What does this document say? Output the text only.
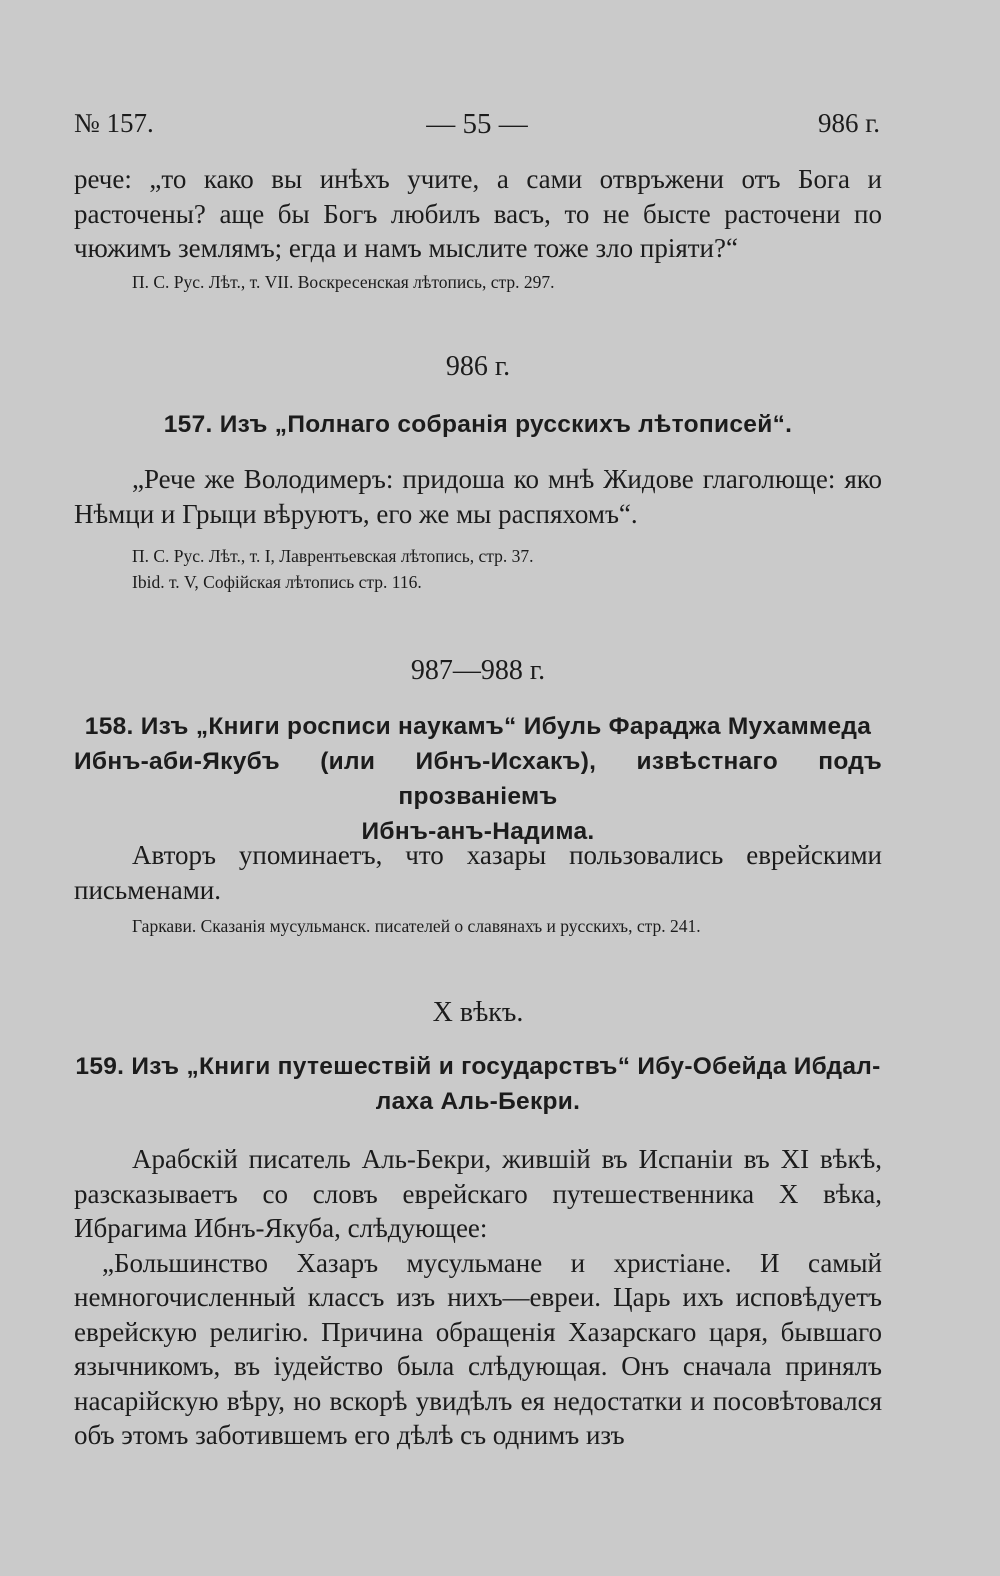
№ 157.	— 55 —	986 г.

рече: „то како вы инѣхъ учите, а сами отвръжени отъ Бога и расточены? аще бы Богъ любилъ васъ, то не бысте расточени по чюжимъ землямъ; егда и намъ мыслите тоже зло пріяти?“

П. С. Рус. Лѣт., т. VII. Воскресенская лѣтопись, стр. 297.

986 г.

157. Изъ „Полнаго собранія русскихъ лѣтописей“.

„Рече же Володимеръ: придоша ко мнѣ Жидове глаголюще: яко Нѣмци и Грыци вѣруютъ, его же мы распяхомъ“.

П. С. Рус. Лѣт., т. I, Лаврентьевская лѣтопись, стр. 37.

Ibid. т. V, Софійская лѣтопись стр. 116.

987—988 г.

158. Изъ „Книги росписи наукамъ“ Ибуль Фараджа Мухаммеда

Ибнъ-аби-Якубъ (или Ибнъ-Исхакъ), извѣстнаго подъ прозваніемъ

Ибнъ-анъ-Надима.

Авторъ упоминаетъ, что хазары пользовались еврейскими письменами.

Гаркави. Сказанія мусульманск. писателей о славянахъ и русскихъ, стр. 241.

X вѣкъ.

159. Изъ „Книги путешествій и государствъ“ Ибу-Обейда Ибдал-

лаха Аль-Бекри.

Арабскій писатель Аль-Бекри, жившій въ Испаніи въ XI вѣкѣ, разсказываетъ со словъ еврейскаго путешественника X вѣка, Ибрагима Ибнъ-Якуба, слѣдующее:

„Большинство Хазаръ мусульмане и христіане. И самый немногочисленный классъ изъ нихъ—евреи. Царь ихъ исповѣдуетъ еврейскую религію. Причина обращенія Хазарскаго царя, бывшаго язычникомъ, въ іудейство была слѣдующая. Онъ сначала принялъ насарійскую вѣру, но вскорѣ увидѣлъ ея недостатки и посовѣтовался объ этомъ заботившемъ его дѣлѣ съ однимъ изъ
